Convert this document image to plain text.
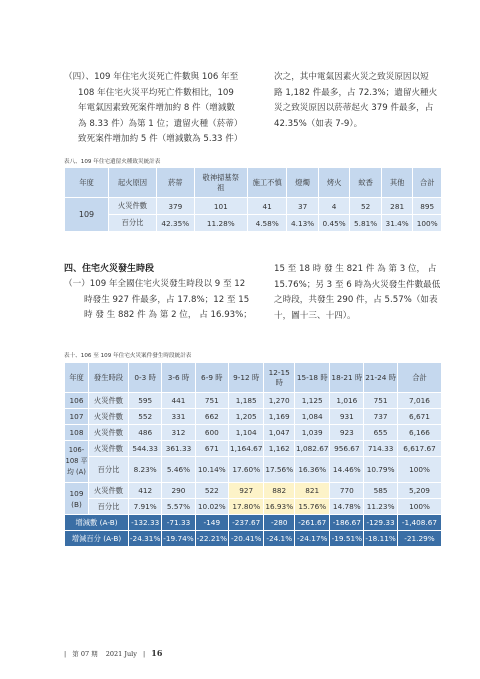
（四）、109 年住宅火災死亡件數與 106 年至
108 年住宅火災平均死亡件數相比，109
年電氣因素致死案件增加約 8 件（增減數
為 8.33 件）為第 1 位；遺留火種（菸蒂）
致死案件增加約 5 件（增減數為 5.33 件）
次之，其中電氣因素火災之致災原因以短
路 1,182 件最多，占 72.3%；遺留火種火
災之致災原因以菸蒂起火 379 件最多，占
42.35%（如表 7-9）。
表八、109 年住宅遺留火種致災統計表
年度	起火原因	菸蒂	敬神掃墓祭祖	施工不慎	燈燭	烤火	蚊香	其他	合計
109	火災件數	379	101	41	37	4	52	281	895
	百分比	42.35%	11.28%	4.58%	4.13%	0.45%	5.81%	31.4%	100%
四、住宅火災發生時段
（一）109 年全國住宅火災發生時段以 9 至 12
時發生 927 件最多，占 17.8%；12 至 15
時 發 生 882 件 為 第 2 位， 占 16.93%；
15 至 18 時 發 生 821 件 為 第 3 位， 占
15.76%；另 3 至 6 時為火災發生件數最低
之時段，共發生 290 件，占 5.57%（如表
十，圖十三、十四）。
表十、106 至 109 年住宅火災案件發生時段統計表
年度	發生時段	0-3 時	3-6 時	6-9 時	9-12 時	12-15 時	15-18 時	18-21 時	21-24 時	合計
106	火災件數	595	441	751	1,185	1,270	1,125	1,016	751	7,016
107	火災件數	552	331	662	1,205	1,169	1,084	931	737	6,671
108	火災件數	486	312	600	1,104	1,047	1,039	923	655	6,166
106-108 平均 (A)	火災件數	544.33	361.33	671	1,164.67	1,162	1,082.67	956.67	714.33	6,617.67
	百分比	8.23%	5.46%	10.14%	17.60%	17.56%	16.36%	14.46%	10.79%	100%
109 (B)	火災件數	412	290	522	927	882	821	770	585	5,209
	百分比	7.91%	5.57%	10.02%	17.80%	16.93%	15.76%	14.78%	11.23%	100%
增減數 (A-B)		-132.33	-71.33	-149	-237.67	-280	-261.67	-186.67	-129.33	-1,408.67
增減百分 (A-B)		-24.31%	-19.74%	-22.21%	-20.41%	-24.1%	-24.17%	-19.51%	-18.11%	-21.29%
| 第 07 期 2021 July | 16
